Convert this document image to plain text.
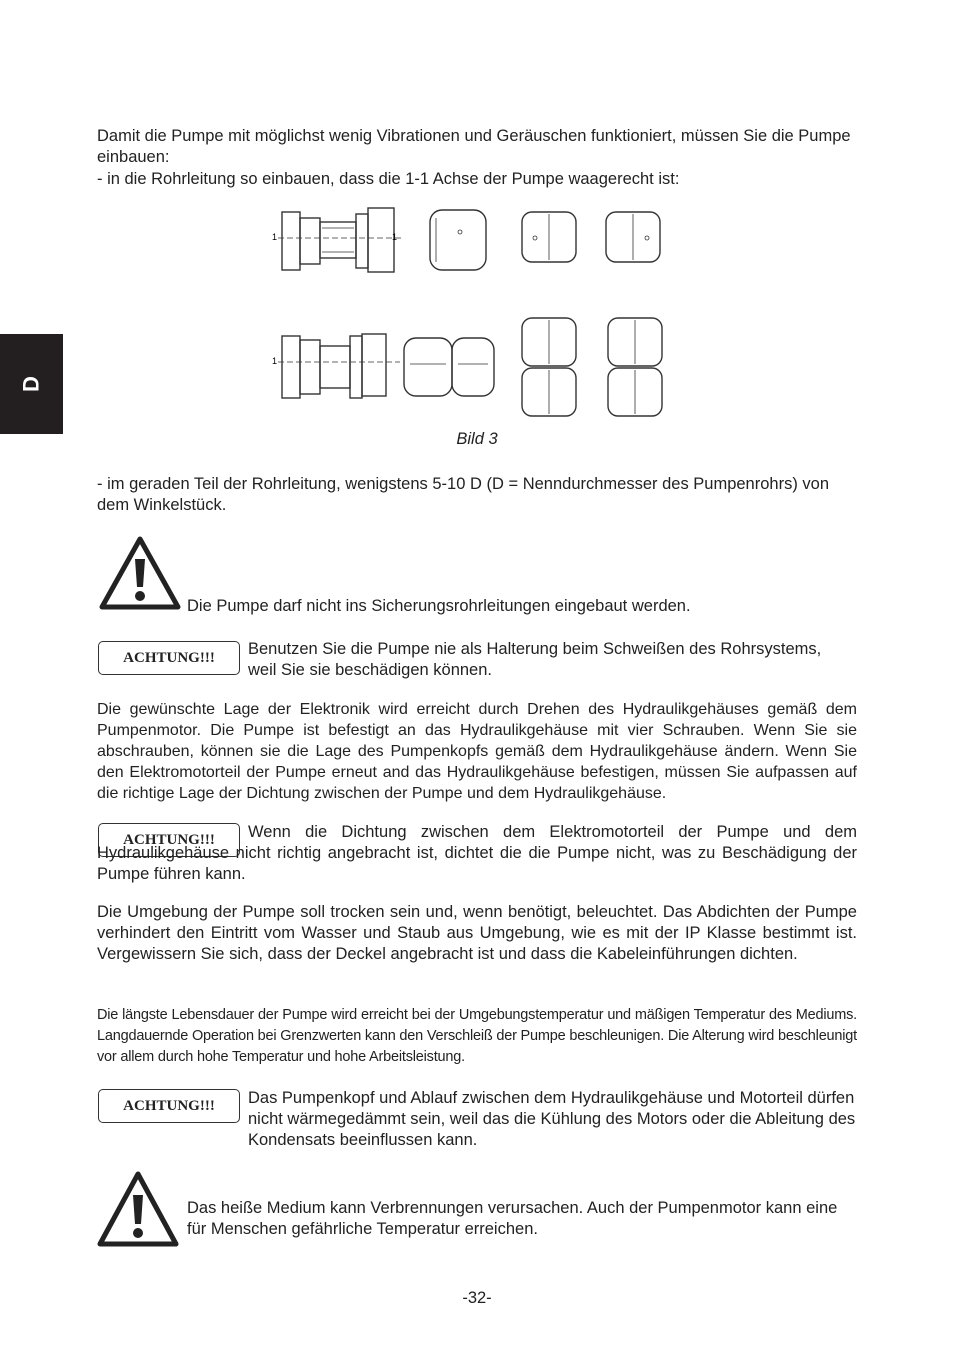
D
Damit die Pumpe mit möglichst wenig Vibrationen und Geräuschen funktioniert, müssen Sie die Pumpe einbauen:
- in die Rohrleitung so einbauen, dass die 1-1 Achse der Pumpe waagerecht ist:
1	1
1
Bild 3
- im geraden Teil der Rohrleitung, wenigstens 5-10 D (D = Nenndurchmesser des Pumpenrohrs) von dem Winkelstück.
Die Pumpe darf nicht ins Sicherungsrohrleitungen eingebaut werden.
ACHTUNG!!!	Benutzen Sie die Pumpe nie als Halterung beim Schweißen des Rohrsystems, weil Sie sie beschädigen können.
Die gewünschte Lage der Elektronik wird erreicht durch Drehen des Hydraulikgehäuses gemäß dem Pumpenmotor. Die Pumpe ist befestigt an das Hydraulikgehäuse mit vier Schrauben. Wenn Sie sie abschrauben, können sie die Lage des Pumpenkopfs gemäß dem Hydraulikgehäuse ändern. Wenn Sie den Elektromotorteil der Pumpe erneut and das Hydraulikgehäuse befestigen, müssen Sie aufpassen auf die richtige Lage der Dichtung zwischen der Pumpe und dem Hydraulikgehäuse.
ACHTUNG!!!	Wenn die Dichtung zwischen dem Elektromotorteil der Pumpe und dem Hydraulikgehäuse nicht richtig angebracht ist, dichtet die die Pumpe nicht, was zu Beschädigung der Pumpe führen kann.
Die Umgebung der Pumpe soll trocken sein und, wenn benötigt, beleuchtet. Das Abdichten der Pumpe verhindert den Eintritt vom Wasser und Staub aus Umgebung, wie es mit der IP Klasse bestimmt ist. Vergewissern Sie sich, dass der Deckel angebracht ist und dass die Kabeleinführungen dichten.
Die längste Lebensdauer der Pumpe wird erreicht bei der Umgebungstemperatur und mäßigen Temperatur des Mediums. Langdauernde Operation bei Grenzwerten kann den Verschleiß der Pumpe beschleunigen. Die Alterung wird beschleunigt vor allem durch hohe Temperatur und hohe Arbeitsleistung.
ACHTUNG!!!	Das Pumpenkopf und Ablauf zwischen dem Hydraulikgehäuse und Motorteil dürfen nicht wärmegedämmt sein, weil das die Kühlung des Motors oder die Ableitung des Kondensats beeinflussen kann.
Das heiße Medium kann Verbrennungen verursachen. Auch der Pumpenmotor kann eine für Menschen gefährliche Temperatur erreichen.
-32-
